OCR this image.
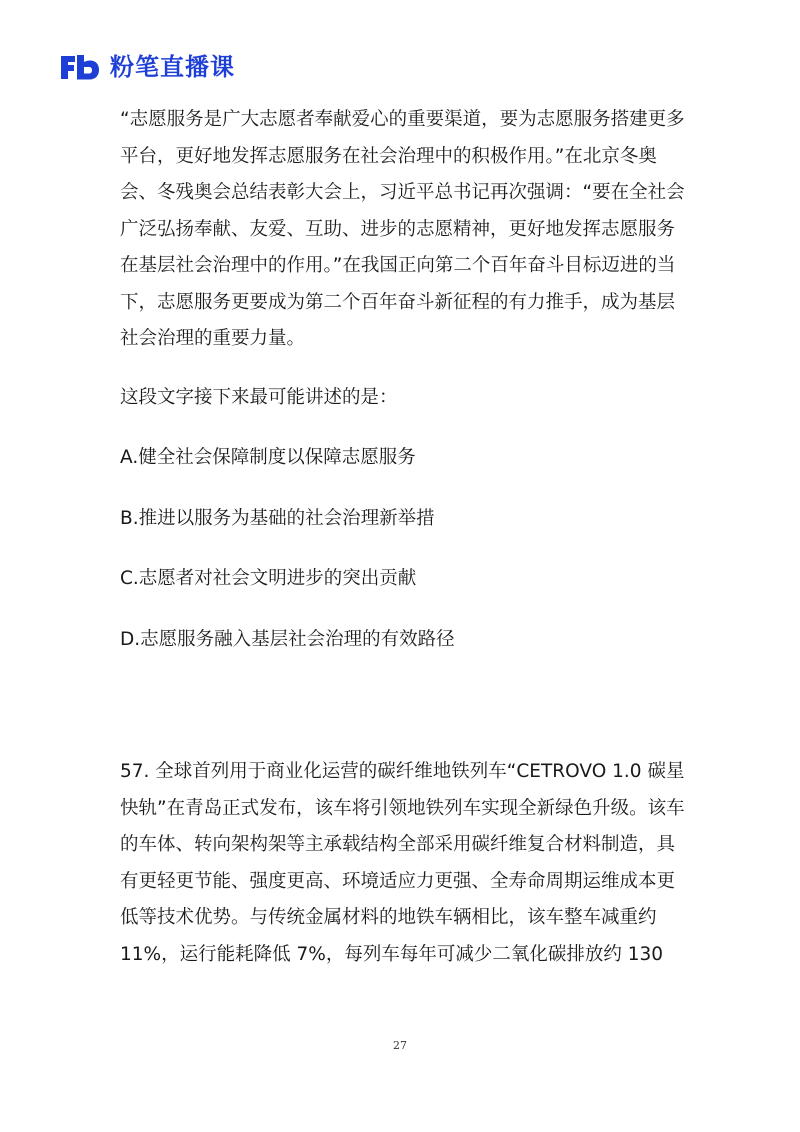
粉笔直播课

“志愿服务是广大志愿者奉献爱心的重要渠道，要为志愿服务搭建更多平台，更好地发挥志愿服务在社会治理中的积极作用。”在北京冬奥会、冬残奥会总结表彰大会上，习近平总书记再次强调：“要在全社会广泛弘扬奉献、友爱、互助、进步的志愿精神，更好地发挥志愿服务在基层社会治理中的作用。”在我国正向第二个百年奋斗目标迈进的当下，志愿服务更要成为第二个百年奋斗新征程的有力推手，成为基层社会治理的重要力量。

这段文字接下来最可能讲述的是：

A.健全社会保障制度以保障志愿服务

B.推进以服务为基础的社会治理新举措

C.志愿者对社会文明进步的突出贡献

D.志愿服务融入基层社会治理的有效路径

57. 全球首列用于商业化运营的碳纤维地铁列车“CETROVO 1.0 碳星快轨”在青岛正式发布，该车将引领地铁列车实现全新绿色升级。该车的车体、转向架构架等主承载结构全部采用碳纤维复合材料制造，具有更轻更节能、强度更高、环境适应力更强、全寿命周期运维成本更低等技术优势。与传统金属材料的地铁车辆相比，该车整车减重约 11%，运行能耗降低 7%，每列车每年可减少二氧化碳排放约 130

27
